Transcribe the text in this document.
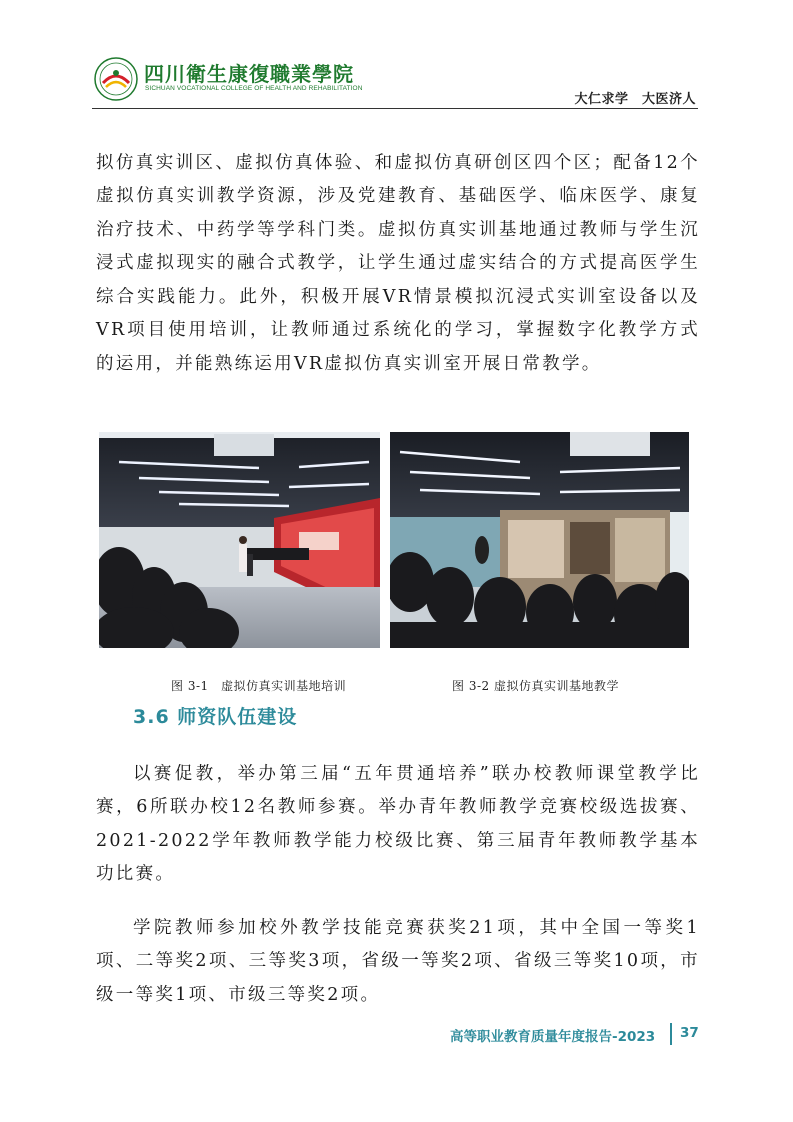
四川衛生康復職業學院
SICHUAN VOCATIONAL COLLEGE OF HEALTH AND REHABILITATION
大仁求学　大医济人

拟仿真实训区、虚拟仿真体验、和虚拟仿真研创区四个区；配备12个虚拟仿真实训教学资源，涉及党建教育、基础医学、临床医学、康复治疗技术、中药学等学科门类。虚拟仿真实训基地通过教师与学生沉浸式虚拟现实的融合式教学，让学生通过虚实结合的方式提高医学生综合实践能力。此外，积极开展VR情景模拟沉浸式实训室设备以及VR项目使用培训，让教师通过系统化的学习，掌握数字化教学方式的运用，并能熟练运用VR虚拟仿真实训室开展日常教学。

图 3-1　虚拟仿真实训基地培训	图 3-2 虚拟仿真实训基地教学
3.6 师资队伍建设

以赛促教，举办第三届“五年贯通培养”联办校教师课堂教学比赛，6所联办校12名教师参赛。举办青年教师教学竞赛校级选拔赛、2021-2022学年教师教学能力校级比赛、第三届青年教师教学基本功比赛。

学院教师参加校外教学技能竞赛获奖21项，其中全国一等奖1项、二等奖2项、三等奖3项，省级一等奖2项、省级三等奖10项，市级一等奖1项、市级三等奖2项。

高等职业教育质量年度报告-2023 37
